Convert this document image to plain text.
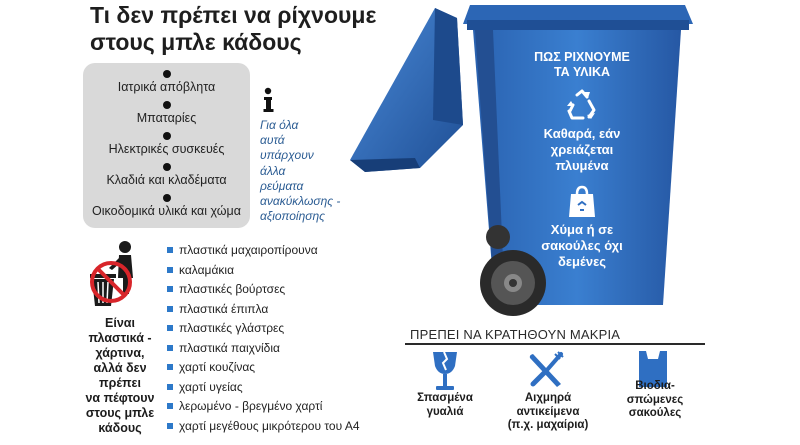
Τι δεν πρέπει να ρίχνουμε
στους μπλε κάδους
Ιατρικά απόβλητα
Μπαταρίες
Ηλεκτρικές συσκευές
Κλαδιά και κλαδέματα
Οικοδομικά υλικά και χώμα
Για όλα
αυτά
υπάρχουν
άλλα
ρεύματα
ανακύκλωσης -
αξιοποίησης
Είναι
πλαστικά -
χάρτινα,
αλλά δεν
πρέπει
να πέφτουν
στους μπλε
κάδους
πλαστικά μαχαιροπίρουνα
καλαμάκια
πλαστικές βούρτσες
πλαστικά έπιπλα
πλαστικές γλάστρες
πλαστικά παιχνίδια
χαρτί κουζίνας
χαρτί υγείας
λερωμένο - βρεγμένο χαρτί
χαρτί μεγέθους μικρότερου του Α4
ΠΩΣ ΡΙΧΝΟΥΜΕ
ΤΑ ΥΛΙΚΑ
Καθαρά, εάν
χρειάζεται
πλυμένα
Χύμα ή σε
σακούλες όχι
δεμένες
ΠΡΕΠΕΙ ΝΑ ΚΡΑΤΗΘΟΥΝ ΜΑΚΡΙΑ
Σπασμένα
γυαλιά
Αιχμηρά
αντικείμενα
(π.χ. μαχαίρια)
Βιοδια-
σπώμενες
σακούλες
